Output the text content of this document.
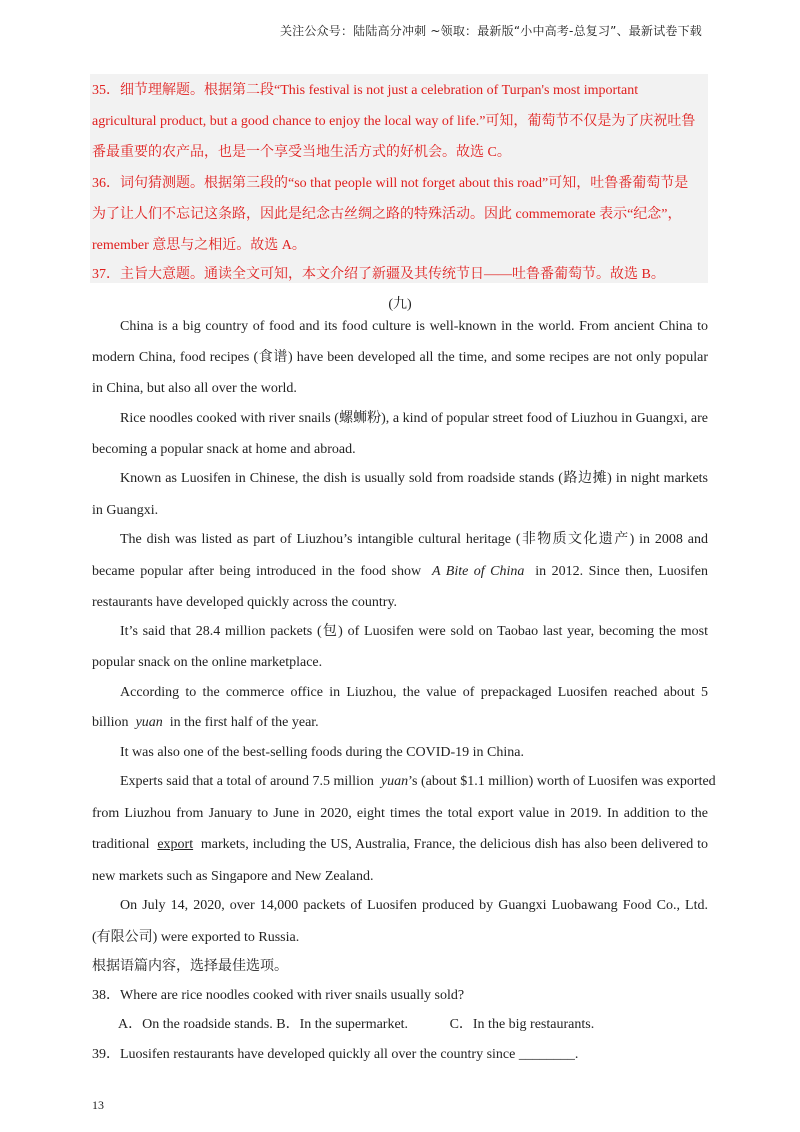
关注公众号：陆陆高分冲刺 ~领取：最新版“小中高考-总复习”、最新试卷下载
35．细节理解题。根据第二段“This festival is not just a celebration of Turpan's most important
agricultural product, but a good chance to enjoy the local way of life.”可知，葡萄节不仅是为了庆祝吐鲁
番最重要的农产品，也是一个享受当地生活方式的好机会。故选 C。
36．词句猜测题。根据第三段的“so that people will not forget about this road”可知，吐鲁番葡萄节是
为了让人们不忘记这条路，因此是纪念古丝绸之路的特殊活动。因此 commemorate 表示“纪念”，
remember 意思与之相近。故选 A。
37．主旨大意题。通读全文可知，本文介绍了新疆及其传统节日——吐鲁番葡萄节。故选 B。
(九)
China is a big country of food and its food culture is well-known in the world. From ancient China to
modern China, food recipes (食谱) have been developed all the time, and some recipes are not only popular
in China, but also all over the world.
Rice noodles cooked with river snails (螺蛳粉), a kind of popular street food of Liuzhou in Guangxi, are
becoming a popular snack at home and abroad.
Known as Luosifen in Chinese, the dish is usually sold from roadside stands (路边摊) in night markets
in Guangxi.
The dish was listed as part of Liuzhou’s intangible cultural heritage (非物质文化遗产) in 2008 and
became popular after being introduced in the food show A Bite of China in 2012. Since then, Luosifen
restaurants have developed quickly across the country.
It’s said that 28.4 million packets (包) of Luosifen were sold on Taobao last year, becoming the most
popular snack on the online marketplace.
According to the commerce office in Liuzhou, the value of prepackaged Luosifen reached about 5
billion yuan in the first half of the year.
It was also one of the best-selling foods during the COVID-19 in China.
Experts said that a total of around 7.5 million yuan’s (about $1.1 million) worth of Luosifen was exported
from Liuzhou from January to June in 2020, eight times the total export value in 2019. In addition to the
traditional export markets, including the US, Australia, France, the delicious dish has also been delivered to
new markets such as Singapore and New Zealand.
On July 14, 2020, over 14,000 packets of Luosifen produced by Guangxi Luobawang Food Co., Ltd.
(有限公司) were exported to Russia.
根据语篇内容，选择最佳选项。
38．Where are rice noodles cooked with river snails usually sold?
A．On the roadside stands. B．In the supermarket.	C．In the big restaurants.
39．Luosifen restaurants have developed quickly all over the country since ________.
13
